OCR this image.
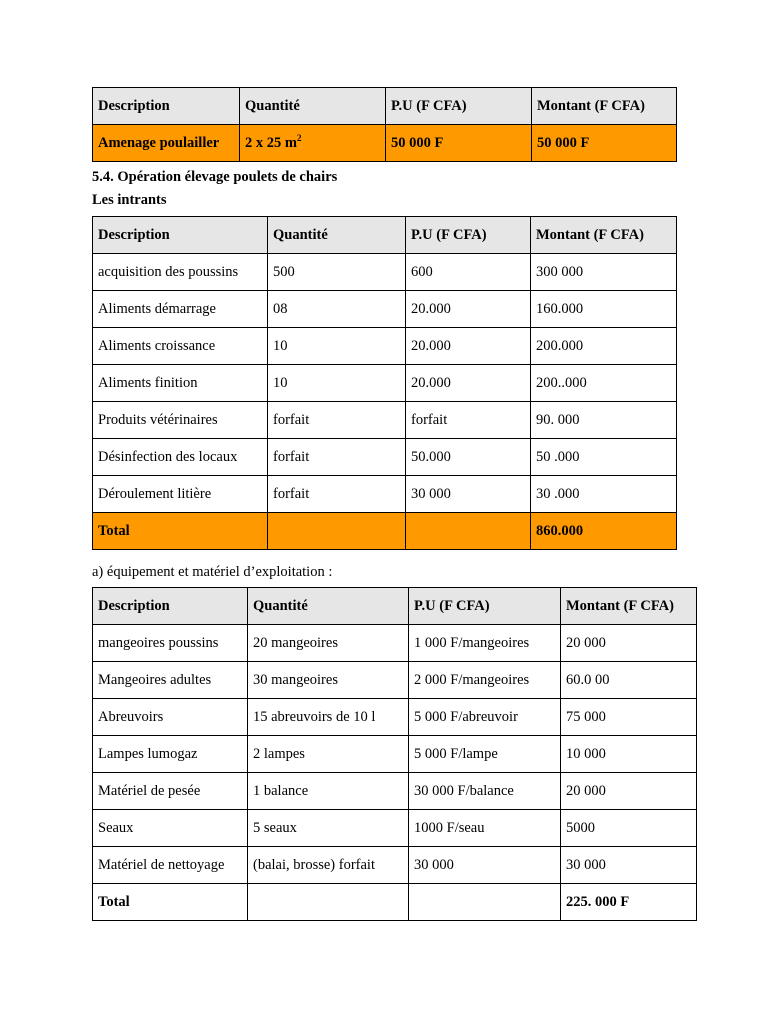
Description	Quantité	P.U (F CFA)	Montant (F CFA)
Amenage poulailler	2 x 25 $m^2$	50 000 F	50 000 F
5.4. Opération élevage poulets de chairs
Les intrants
Description	Quantité	P.U (F CFA)	Montant (F CFA)
acquisition des poussins	500	600	300 000
Aliments démarrage	08	20.000	160.000
Aliments croissance	10	20.000	200.000
Aliments finition	10	20.000	200..000
Produits vétérinaires	forfait	forfait	90. 000
Désinfection des locaux	forfait	50.000	50 .000
Déroulement litière	forfait	30 000	30 .000
Total			860.000
a) équipement et matériel d’exploitation :
Description	Quantité	P.U (F CFA)	Montant (F CFA)
mangeoires poussins	20 mangeoires	1 000 F/mangeoires	20 000
Mangeoires adultes	30 mangeoires	2 000 F/mangeoires	60.0 00
Abreuvoirs	15 abreuvoirs de 10 l	5 000 F/abreuvoir	75 000
Lampes lumogaz	2 lampes	5 000 F/lampe	10 000
Matériel de pesée	1 balance	30 000 F/balance	20 000
Seaux	5 seaux	1000 F/seau	5000
Matériel de nettoyage	(balai, brosse) forfait	30 000	30 000
Total			225. 000 F
